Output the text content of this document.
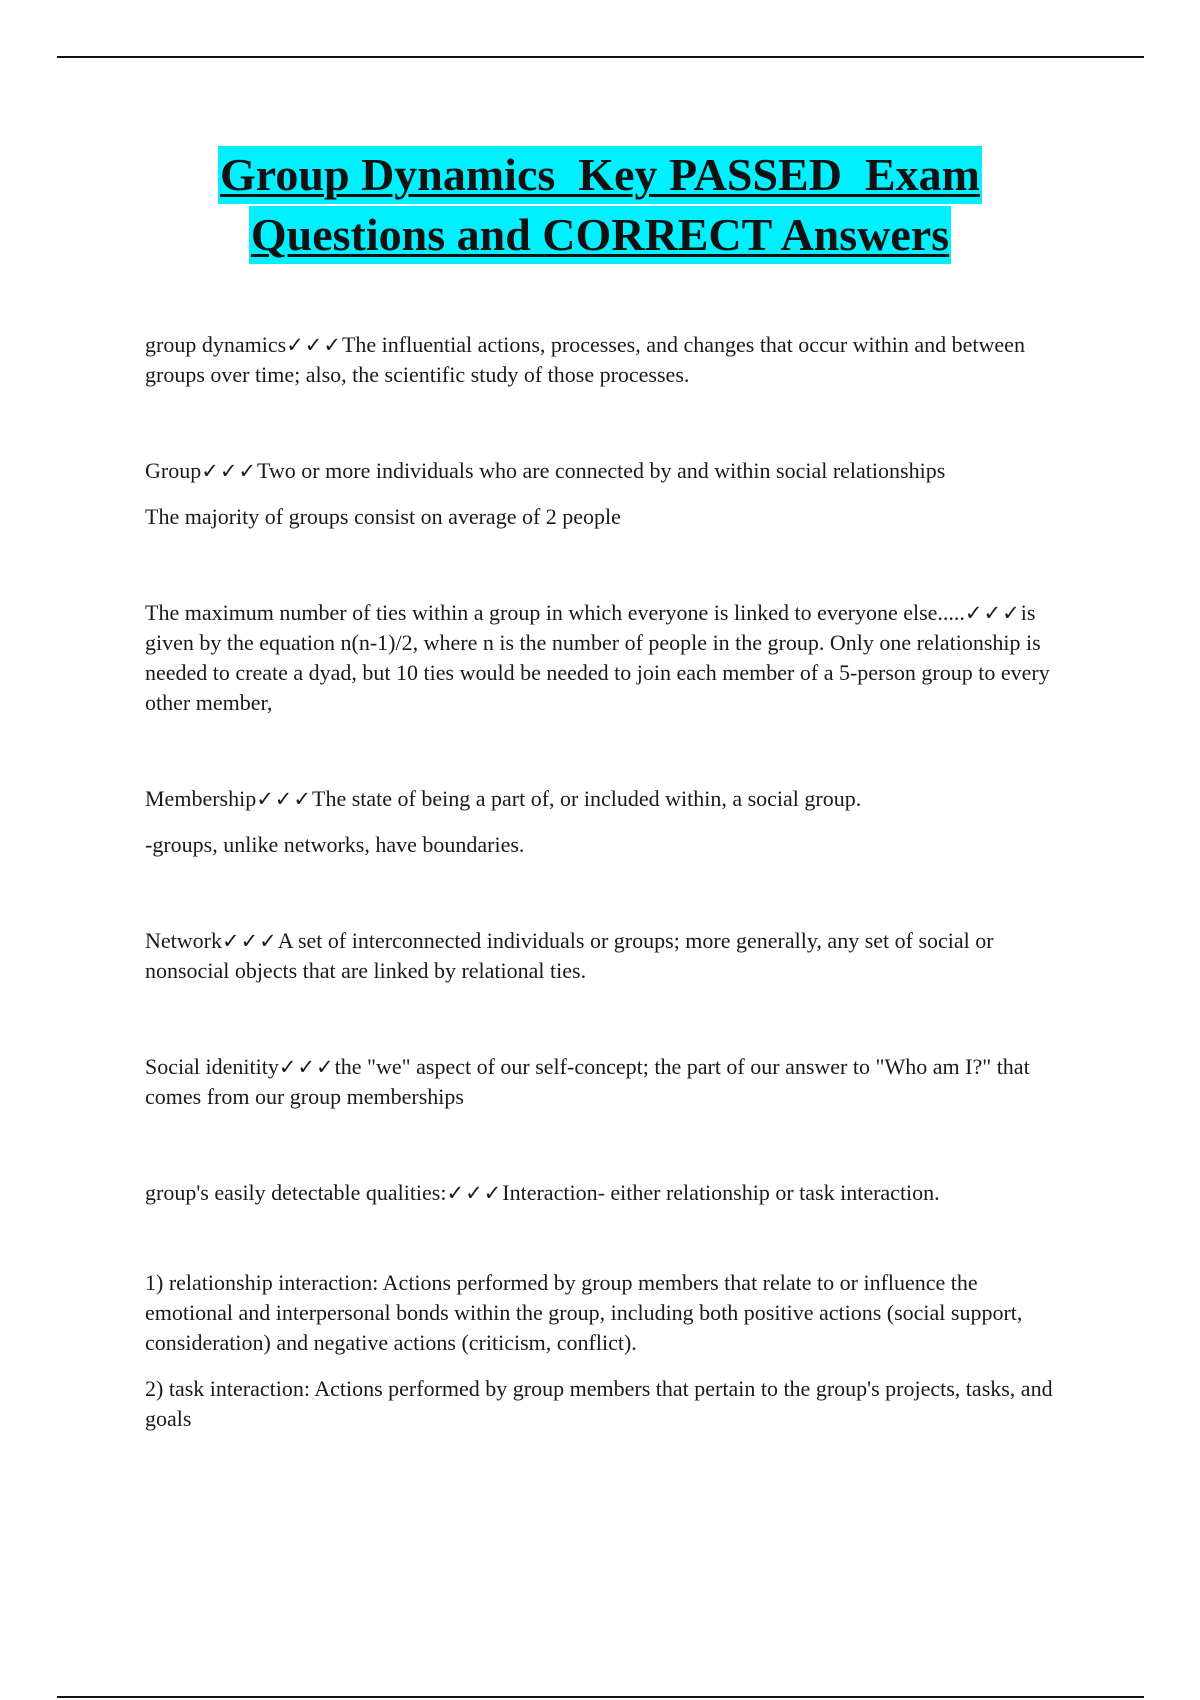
Group Dynamics  Key PASSED  Exam
Questions and CORRECT Answers

group dynamics✓✓✓The influential actions, processes, and changes that occur within and between groups over time; also, the scientific study of those processes.

Group✓✓✓Two or more individuals who are connected by and within social relationships

The majority of groups consist on average of 2 people

The maximum number of ties within a group in which everyone is linked to everyone else.....✓✓✓is given by the equation n(n-1)/2, where n is the number of people in the group. Only one relationship is needed to create a dyad, but 10 ties would be needed to join each member of a 5-person group to every other member,

Membership✓✓✓The state of being a part of, or included within, a social group.

-groups, unlike networks, have boundaries.

Network✓✓✓A set of interconnected individuals or groups; more generally, any set of social or nonsocial objects that are linked by relational ties.

Social idenitity✓✓✓the "we" aspect of our self-concept; the part of our answer to "Who am I?" that comes from our group memberships

group's easily detectable qualities:✓✓✓Interaction- either relationship or task interaction.

1) relationship interaction: Actions performed by group members that relate to or influence the emotional and interpersonal bonds within the group, including both positive actions (social support, consideration) and negative actions (criticism, conflict).

2) task interaction: Actions performed by group members that pertain to the group's projects, tasks, and goals
